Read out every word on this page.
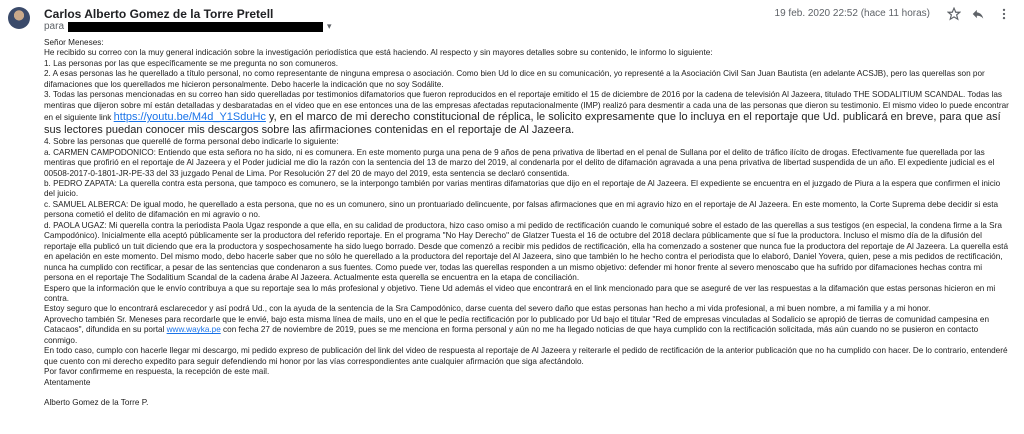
Carlos Alberto Gomez de la Torre Pretell
para	▾
19 feb. 2020 22:52 (hace 11 horas)

Señor Meneses:

He recibido su correo con la muy general indicación sobre la investigación periodística que está haciendo. Al respecto y sin mayores detalles sobre su contenido, le informo lo siguiente:

1. Las personas por las que específicamente se me pregunta no son comuneros.

2. A esas personas las he querellado a título personal, no como representante de ninguna empresa o asociación. Como bien Ud lo dice en su comunicación, yo representé a la Asociación Civil San Juan Bautista (en adelante ACSJB), pero las querellas son por difamaciones que los querellados me hicieron personalmente. Debo hacerle la indicación que no soy Sodálite.

3. Todas las personas mencionadas en su correo han sido querelladas por testimonios difamatorios que fueron reproducidos en el reportaje emitido el 15 de diciembre de 2016 por la cadena de televisión Al Jazeera, titulado THE SODALITIUM SCANDAL. Todas las mentiras que dijeron sobre mí están detalladas y desbaratadas en el video que en ese entonces una de las empresas afectadas reputacionalmente (IMP) realizó para desmentir a cada una de las personas que dieron su testimonio. El mismo video lo puede encontrar en el siguiente link https://youtu.be/M4d_Y1SduHc y, en el marco de mi derecho constitucional de réplica, le solicito expresamente que lo incluya en el reportaje que Ud. publicará en breve, para que así sus lectores puedan conocer mis descargos sobre las afirmaciones contenidas en el reportaje de Al Jazeera.

4. Sobre las personas que querellé de forma personal debo indicarle lo siguiente:

a. CARMEN CAMPODONICO: Entiendo que esta señora no ha sido, ni es comunera. En este momento purga una pena de 9 años de pena privativa de libertad en el penal de Sullana por el delito de tráfico ilícito de drogas. Efectivamente fue querellada por las mentiras que profirió en el reportaje de Al Jazeera y el Poder judicial me dio la razón con la sentencia del 13 de marzo del 2019, al condenarla por el delito de difamación agravada a una pena privativa de libertad suspendida de un año. El expediente judicial es el 00508-2017-0-1801-JR-PE-33 del 33 juzgado Penal de Lima. Por Resolución 27 del 20 de mayo del 2019, esta sentencia se declaró consentida.

b. PEDRO ZAPATA: La querella contra esta persona, que tampoco es comunero, se la interpongo también por varias mentiras difamatorias que dijo en el reportaje de Al Jazeera. El expediente se encuentra en el juzgado de Piura a la espera que confirmen el inicio del juicio.

c. SAMUEL ALBERCA: De igual modo, he querellado a esta persona, que no es un comunero, sino un prontuariado delincuente, por falsas afirmaciones que en mi agravio hizo en el reportaje de Al Jazeera. En este momento, la Corte Suprema debe decidir si esta persona cometió el delito de difamación en mi agravio o no.

d. PAOLA UGAZ: Mi querella contra la periodista Paola Ugaz responde a que ella, en su calidad de productora, hizo caso omiso a mi pedido de rectificación cuando le comuniqué sobre el estado de las querellas a sus testigos (en especial, la condena firme a la Sra Campodónico). Inicialmente ella aceptó públicamente ser la productora del referido reportaje. En el programa "No Hay Derecho" de Glatzer Tuesta el 16 de octubre del 2018 declara públicamente que sí fue la productora. Incluso el mismo día de la difusión del reportaje ella publicó un tuit diciendo que era la productora y sospechosamente ha sido luego borrado. Desde que comenzó a recibir mis pedidos de rectificación, ella ha comenzado a sostener que nunca fue la productora del reportaje de Al Jazeera. La querella está en apelación en este momento. Del mismo modo, debo hacerle saber que no sólo he querellado a la productora del reportaje del Al Jazeera, sino que también lo he hecho contra el periodista que lo elaboró, Daniel Yovera, quien, pese a mis pedidos de rectificación, nunca ha cumplido con rectificar, a pesar de las sentencias que condenaron a sus fuentes. Como puede ver, todas las querellas responden a un mismo objetivo: defender mi honor frente al severo menoscabo que ha sufrido por difamaciones hechas contra mi persona en el reportaje The Sodalitium Scandal de la cadena árabe Al Jazeera. Actualmente esta querella se encuentra en la etapa de conciliación.

Espero que la información que le envío contribuya a que su reportaje sea lo más profesional y objetivo. Tiene Ud además el video que encontrará en el link mencionado para que se aseguré de ver las respuestas a la difamación que estas personas hicieron en mi contra.

Estoy seguro que lo encontrará esclarecedor y así podrá Ud., con la ayuda de la sentencia de la Sra Campodónico, darse cuenta del severo daño que estas personas han hecho a mi vida profesional, a mi buen nombre, a mi familia y a mi honor.

Aprovecho también Sr. Meneses para recordarle que le envié, bajo esta misma línea de mails, uno en el que le pedía rectificación por lo publicado por Ud bajo el titular "Red de empresas vinculadas al Sodalicio se apropió de tierras de comunidad campesina en Catacaos", difundida en su portal www.wayka.pe con fecha 27 de noviembre de 2019, pues se me menciona en forma personal y aún no me ha llegado noticias de que haya cumplido con la rectificación solicitada, más aún cuando no se pusieron en contacto conmigo.

En todo caso, cumplo con hacerle llegar mi descargo, mi pedido expreso de publicación del link del video de respuesta al reportaje de Al Jazeera y reiterarle el pedido de rectificación de la anterior publicación que no ha cumplido con hacer. De lo contrario, entenderé que cuento con mi derecho expedito para seguir defendiendo mi honor por las vías correspondientes ante cualquier afirmación que siga afectándolo.

Por favor confirmeme en respuesta, la recepción de este mail.

Atentamente

Alberto Gomez de la Torre P.
